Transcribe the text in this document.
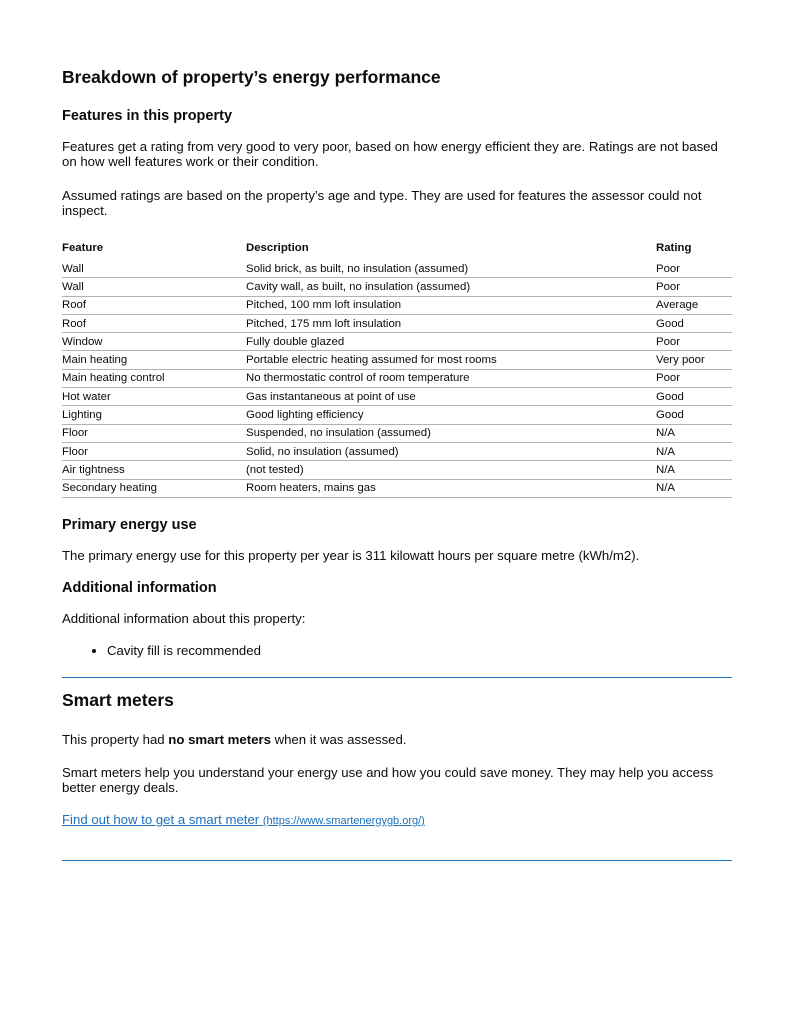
Breakdown of property’s energy performance
Features in this property

Features get a rating from very good to very poor, based on how energy efficient they are. Ratings are not based on how well features work or their condition.

Assumed ratings are based on the property’s age and type. They are used for features the assessor could not inspect.

Feature	Description	Rating
Wall	Solid brick, as built, no insulation (assumed)	Poor
Wall	Cavity wall, as built, no insulation (assumed)	Poor
Roof	Pitched, 100 mm loft insulation	Average
Roof	Pitched, 175 mm loft insulation	Good
Window	Fully double glazed	Poor
Main heating	Portable electric heating assumed for most rooms	Very poor
Main heating control	No thermostatic control of room temperature	Poor
Hot water	Gas instantaneous at point of use	Good
Lighting	Good lighting efficiency	Good
Floor	Suspended, no insulation (assumed)	N/A
Floor	Solid, no insulation (assumed)	N/A
Air tightness	(not tested)	N/A
Secondary heating	Room heaters, mains gas	N/A
Primary energy use

The primary energy use for this property per year is 311 kilowatt hours per square metre (kWh/m2).

Additional information

Additional information about this property:

• Cavity fill is recommended
Smart meters

This property had no smart meters when it was assessed.

Smart meters help you understand your energy use and how you could save money. They may help you access better energy deals.

Find out how to get a smart meter (https://www.smartenergygb.org/)
